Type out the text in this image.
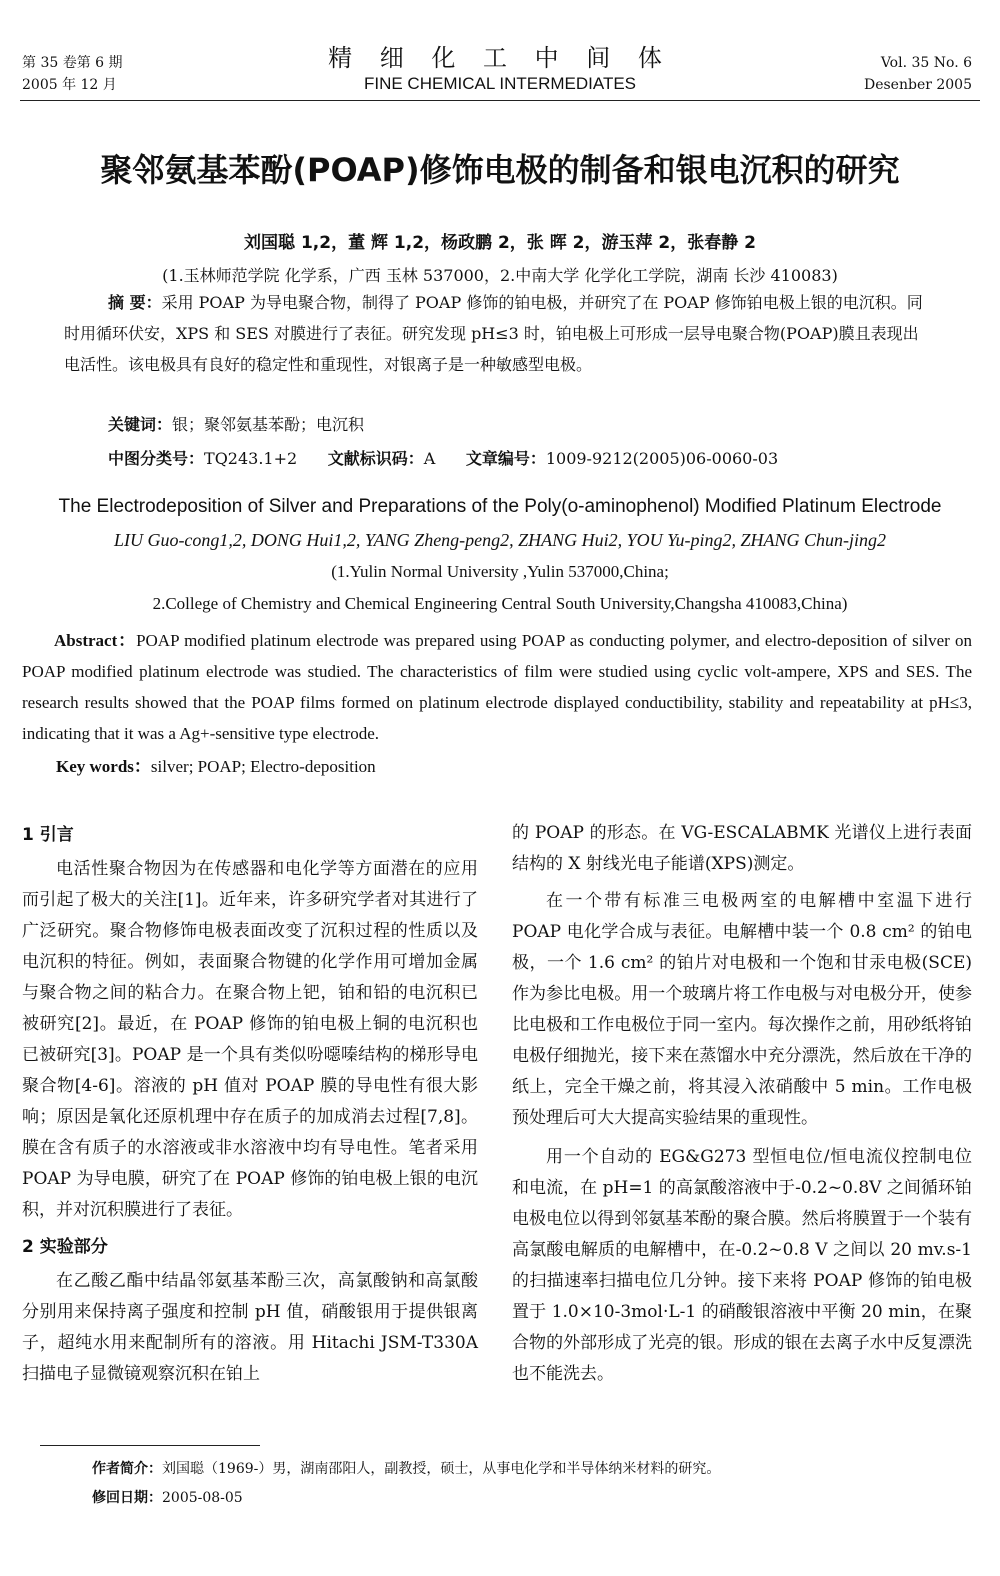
第 35 卷第 6 期
2005 年 12 月
精 细 化 工 中 间 体
FINE CHEMICAL INTERMEDIATES
Vol. 35 No. 6
Desenber 2005
聚邻氨基苯酚(POAP)修饰电极的制备和银电沉积的研究
刘国聪 1,2，董 辉 1,2，杨政鹏 2，张 晖 2，游玉萍 2，张春静 2
(1.玉林师范学院 化学系，广西 玉林 537000，2.中南大学 化学化工学院，湖南 长沙 410083)
摘 要：采用 POAP 为导电聚合物，制得了 POAP 修饰的铂电极，并研究了在 POAP 修饰铂电极上银的电沉积。同时用循环伏安，XPS 和 SES 对膜进行了表征。研究发现 pH≤3 时，铂电极上可形成一层导电聚合物(POAP)膜且表现出电活性。该电极具有良好的稳定性和重现性，对银离子是一种敏感型电极。
关键词：银；聚邻氨基苯酚；电沉积
中图分类号：TQ243.1+2 文献标识码：A 文章编号：1009-9212(2005)06-0060-03
The Electrodeposition of Silver and Preparations of the Poly(o-aminophenol) Modified Platinum Electrode
LIU Guo-cong1,2, DONG Hui1,2, YANG Zheng-peng2, ZHANG Hui2, YOU Yu-ping2, ZHANG Chun-jing2
(1.Yulin Normal University ,Yulin 537000,China;
2.College of Chemistry and Chemical Engineering Central South University,Changsha 410083,China)
Abstract：POAP modified platinum electrode was prepared using POAP as conducting polymer, and electro-deposition of silver on POAP modified platinum electrode was studied. The characteristics of film were studied using cyclic volt-ampere, XPS and SES. The research results showed that the POAP films formed on platinum electrode displayed conductibility, stability and repeatability at pH≤3, indicating that it was a Ag+-sensitive type electrode.
Key words：silver; POAP; Electro-deposition
1 引言

电活性聚合物因为在传感器和电化学等方面潜在的应用而引起了极大的关注[1]。近年来，许多研究学者对其进行了广泛研究。聚合物修饰电极表面改变了沉积过程的性质以及电沉积的特征。例如，表面聚合物键的化学作用可增加金属与聚合物之间的粘合力。在聚合物上钯，铂和铅的电沉积已被研究[2]。最近，在 POAP 修饰的铂电极上铜的电沉积也已被研究[3]。POAP 是一个具有类似吩噁嗪结构的梯形导电聚合物[4-6]。溶液的 pH 值对 POAP 膜的导电性有很大影响；原因是氧化还原机理中存在质子的加成消去过程[7,8]。膜在含有质子的水溶液或非水溶液中均有导电性。笔者采用 POAP 为导电膜，研究了在 POAP 修饰的铂电极上银的电沉积，并对沉积膜进行了表征。

2 实验部分

在乙酸乙酯中结晶邻氨基苯酚三次，高氯酸钠和高氯酸分别用来保持离子强度和控制 pH 值，硝酸银用于提供银离子，超纯水用来配制所有的溶液。用 Hitachi JSM-T330A 扫描电子显微镜观察沉积在铂上

的 POAP 的形态。在 VG-ESCALABMK 光谱仪上进行表面结构的 X 射线光电子能谱(XPS)测定。

在一个带有标准三电极两室的电解槽中室温下进行 POAP 电化学合成与表征。电解槽中装一个 0.8 cm² 的铂电极，一个 1.6 cm² 的铂片对电极和一个饱和甘汞电极(SCE)作为参比电极。用一个玻璃片将工作电极与对电极分开，使参比电极和工作电极位于同一室内。每次操作之前，用砂纸将铂电极仔细抛光，接下来在蒸馏水中充分漂洗，然后放在干净的纸上，完全干燥之前，将其浸入浓硝酸中 5 min。工作电极预处理后可大大提高实验结果的重现性。

用一个自动的 EG&G273 型恒电位/恒电流仪控制电位和电流，在 pH=1 的高氯酸溶液中于-0.2~0.8V 之间循环铂电极电位以得到邻氨基苯酚的聚合膜。然后将膜置于一个装有高氯酸电解质的电解槽中，在-0.2~0.8 V 之间以 20 mv.s-1 的扫描速率扫描电位几分钟。接下来将 POAP 修饰的铂电极置于 1.0×10-3mol·L-1 的硝酸银溶液中平衡 20 min，在聚合物的外部形成了光亮的银。形成的银在去离子水中反复漂洗也不能洗去。

作者简介：刘国聪（1969-）男，湖南邵阳人，副教授，硕士，从事电化学和半导体纳米材料的研究。
修回日期：2005-08-05
